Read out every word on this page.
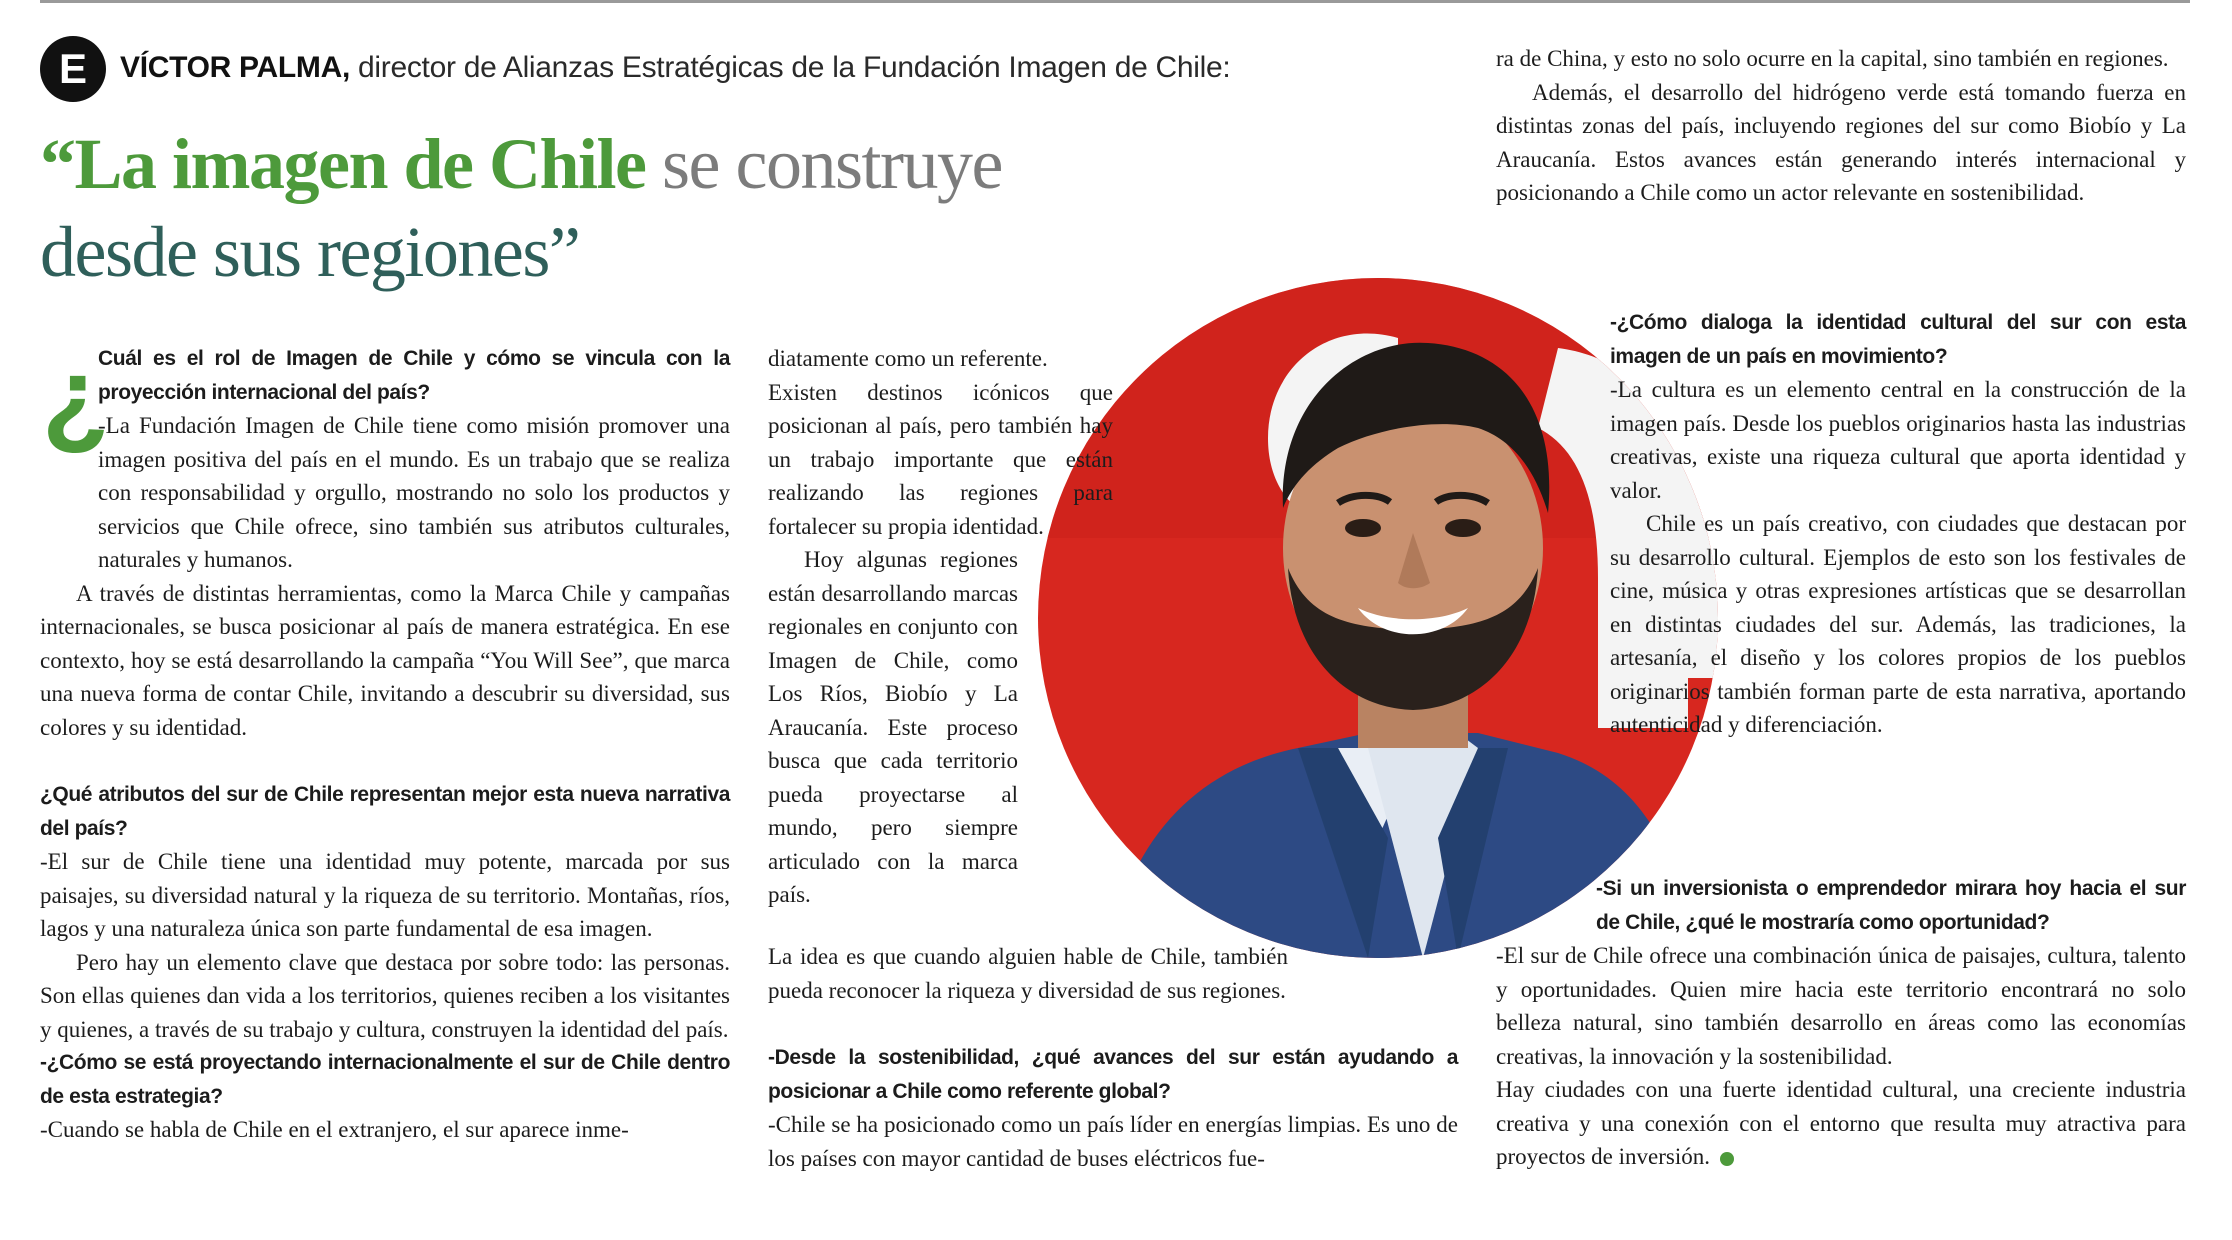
E	VÍCTOR PALMA, director de Alianzas Estratégicas de la Fundación Imagen de Chile:
“La imagen de Chile se construye
desde sus regiones”
¿

Cuál es el rol de Imagen de Chile y cómo se vincula con la proyección internacional del país?

-La Fundación Imagen de Chile tiene como misión promover una imagen positiva del país en el mundo. Es un trabajo que se realiza con responsabilidad y orgullo, mostrando no solo los productos y servicios que Chile ofrece, sino también sus atributos culturales, naturales y humanos.

A través de distintas herramientas, como la Marca Chile y campañas internacionales, se busca posicionar al país de manera estratégica. En ese contexto, hoy se está desarrollando la campaña “You Will See”, que marca una nueva forma de contar Chile, invitando a descubrir su diversidad, sus colores y su identidad.

¿Qué atributos del sur de Chile representan mejor esta nueva narrativa del país?

-El sur de Chile tiene una identidad muy potente, marcada por sus paisajes, su diversidad natural y la riqueza de su territorio. Montañas, ríos, lagos y una naturaleza única son parte fundamental de esa imagen.

Pero hay un elemento clave que destaca por sobre todo: las personas. Son ellas quienes dan vida a los territorios, quienes reciben a los visitantes y quienes, a través de su trabajo y cultura, construyen la identidad del país.

-¿Cómo se está proyectando internacionalmente el sur de Chile dentro de esta estrategia?

-Cuando se habla de Chile en el extranjero, el sur aparece inme-

diatamente como un referente.

Existen destinos icónicos que posicionan al país, pero también hay un trabajo importante que están realizando las regiones para fortalecer su propia identidad.

Hoy algunas regiones están desarrollando marcas regionales en conjunto con Imagen de Chile, como Los Ríos, Biobío y La Araucanía. Este proceso busca que cada territorio pueda proyectarse al mundo, pero siempre articulado con la marca país.

La idea es que cuando alguien hable de Chile, también pueda reconocer la riqueza y diversidad de sus regiones.

-Desde la sostenibilidad, ¿qué avances del sur están ayudando a posicionar a Chile como referente global?

-Chile se ha posicionado como un país líder en energías limpias. Es uno de los países con mayor cantidad de buses eléctricos fue-

ra de China, y esto no solo ocurre en la capital, sino también en regiones.

Además, el desarrollo del hidrógeno verde está tomando fuerza en distintas zonas del país, incluyendo regiones del sur como Biobío y La Araucanía. Estos avances están generando interés internacional y posicionando a Chile como un actor relevante en sostenibilidad.

-¿Cómo dialoga la identidad cultural del sur con esta imagen de un país en movimiento?

-La cultura es un elemento central en la construcción de la imagen país. Desde los pueblos originarios hasta las industrias creativas, existe una riqueza cultural que aporta identidad y valor.

Chile es un país creativo, con ciudades que destacan por su desarrollo cultural. Ejemplos de esto son los festivales de cine, música y otras expresiones artísticas que se desarrollan en distintas ciudades del sur. Además, las tradiciones, la artesanía, el diseño y los colores propios de los pueblos originarios también forman parte de esta narrativa, aportando autenticidad y diferenciación.

-Si un inversionista o emprendedor mirara hoy hacia el sur de Chile, ¿qué le mostraría como oportunidad?

-El sur de Chile ofrece una combinación única de paisajes, cultura, talento y oportunidades. Quien mire hacia este territorio encontrará no solo belleza natural, sino también desarrollo en áreas como las economías creativas, la innovación y la sostenibilidad.

Hay ciudades con una fuerte identidad cultural, una creciente industria creativa y una conexión con el entorno que resulta muy atractiva para proyectos de inversión.
